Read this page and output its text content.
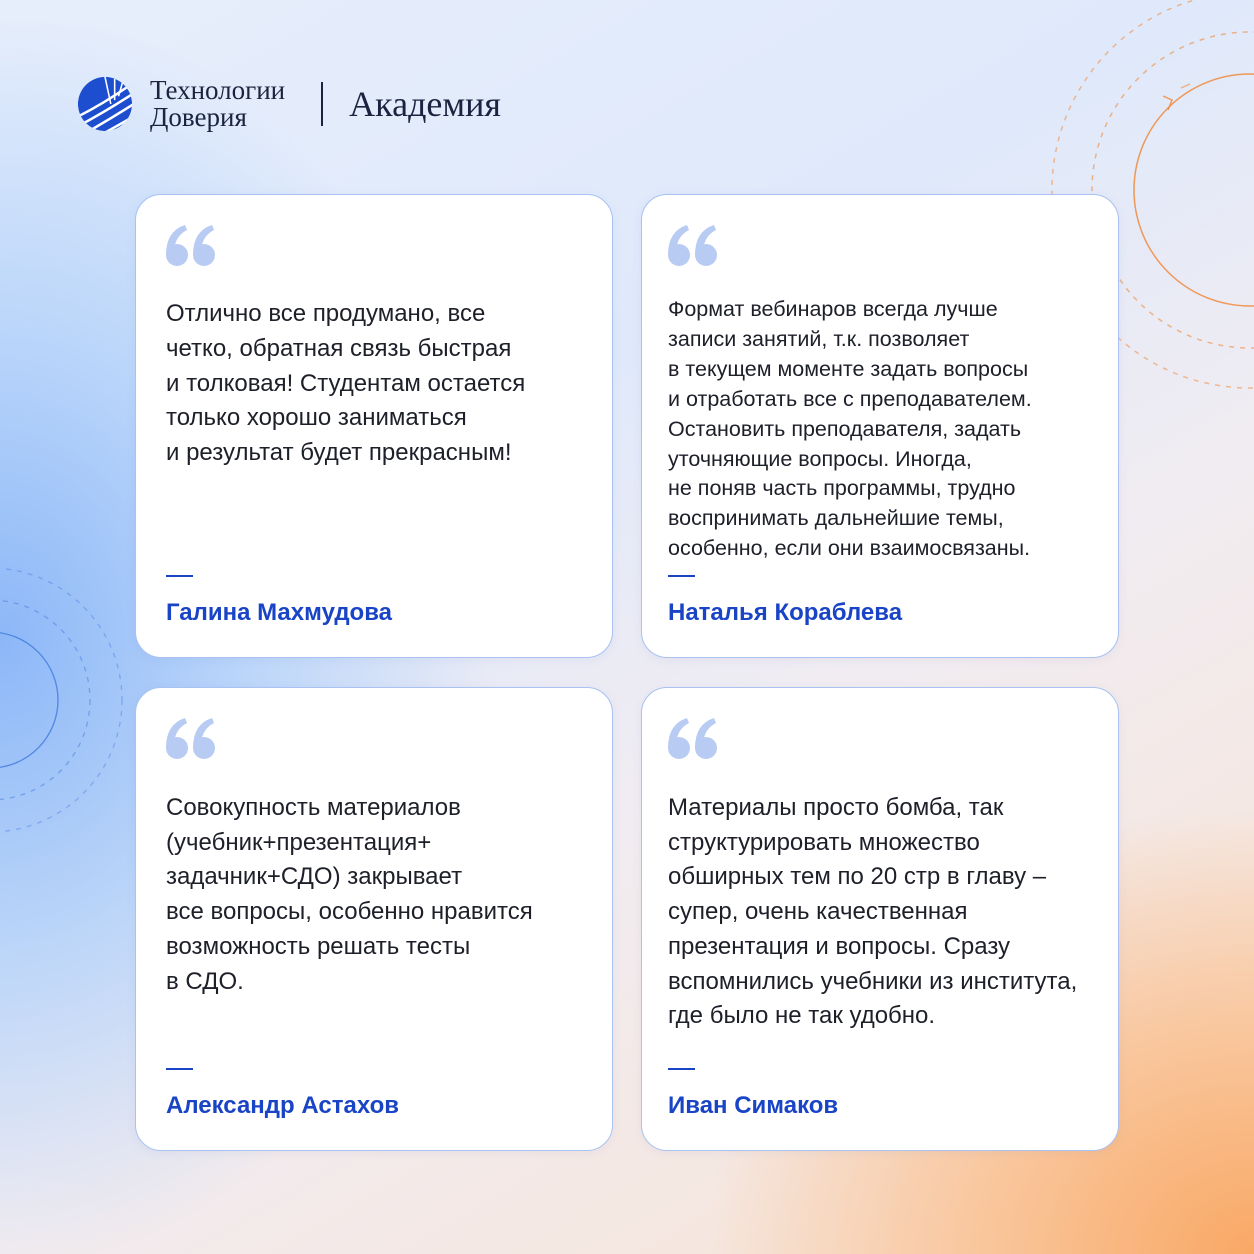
Технологии
Доверия	Академия
Отлично все продумано, все
четко, обратная связь быстрая
и толковая! Студентам остается
только хорошо заниматься
и результат будет прекрасным!
Галина Махмудова
Формат вебинаров всегда лучше
записи занятий, т.к. позволяет
в текущем моменте задать вопросы
и отработать все с преподавателем.
Остановить преподавателя, задать
уточняющие вопросы. Иногда,
не поняв часть программы, трудно
воспринимать дальнейшие темы,
особенно, если они взаимосвязаны.
Наталья Кораблева
Совокупность материалов
(учебник+презентация+
задачник+СДО) закрывает
все вопросы, особенно нравится
возможность решать тесты
в СДО.
Александр Астахов
Материалы просто бомба, так
структурировать множество
обширных тем по 20 стр в главу –
супер, очень качественная
презентация и вопросы. Сразу
вспомнились учебники из института,
где было не так удобно.
Иван Симаков
